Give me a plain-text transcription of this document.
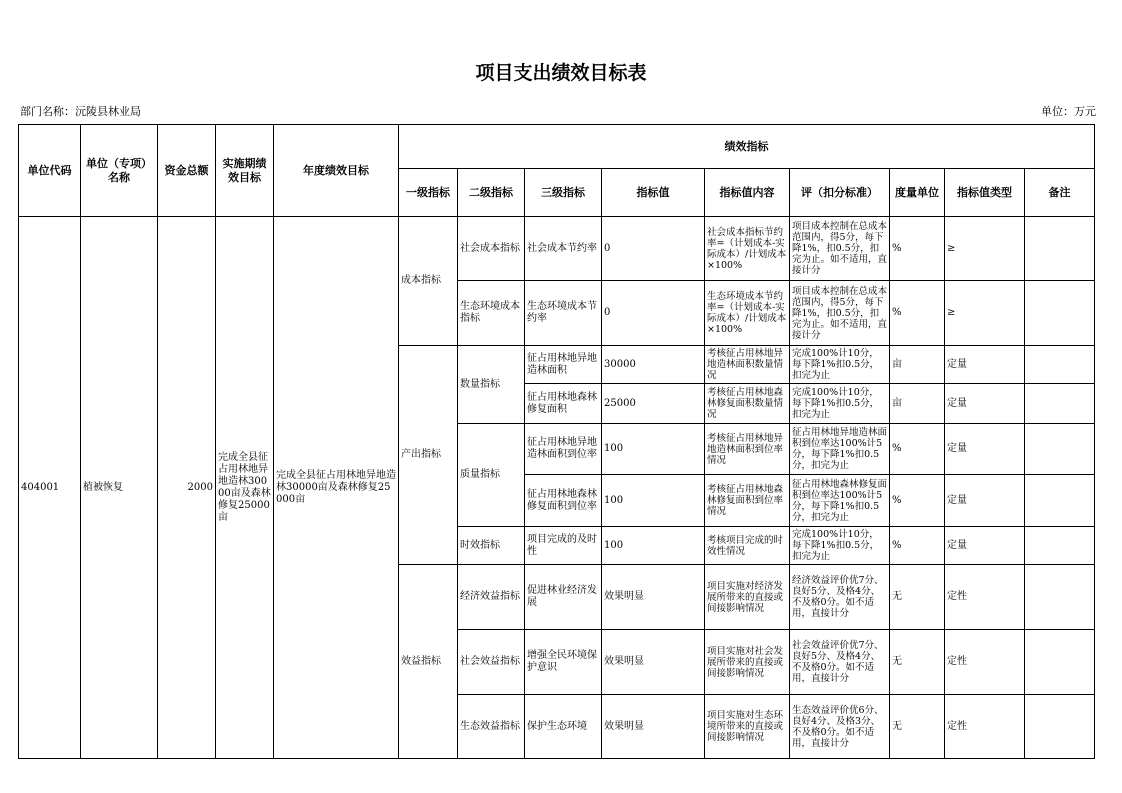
项目支出绩效目标表
部门名称：沅陵县林业局	单位：万元
单位代码	单位（专项）名称	资金总额	实施期绩效目标	年度绩效目标	绩效指标								
					一级指标	二级指标	三级指标	指标值	指标值内容	评（扣分标准）	度量单位	指标值类型	备注
404001	植被恢复	2000	完成全县征占用林地异地造林30000亩及森林修复25000亩	完成全县征占用林地异地造林30000亩及森林修复25000亩	成本指标	社会成本指标	社会成本节约率	0	社会成本指标节约率=（计划成本-实际成本）/计划成本×100%	项目成本控制在总成本范围内，得5分，每下降1%，扣0.5分，扣完为止。如不适用，直接计分	%	≥	
						生态环境成本指标	生态环境成本节约率	0	生态环境成本节约率=（计划成本-实际成本）/计划成本×100%	项目成本控制在总成本范围内，得5分，每下降1%，扣0.5分，扣完为止。如不适用，直接计分	%	≥	
					产出指标	数量指标	征占用林地异地造林面积	30000	考核征占用林地异地造林面积数量情况	完成100%计10分，每下降1%扣0.5分，扣完为止	亩	定量	
							征占用林地森林修复面积	25000	考核征占用林地森林修复面积数量情况	完成100%计10分，每下降1%扣0.5分，扣完为止	亩	定量	
						质量指标	征占用林地异地造林面积到位率	100	考核征占用林地异地造林面积到位率情况	征占用林地异地造林面积到位率达100%计5分，每下降1%扣0.5分，扣完为止	%	定量	
							征占用林地森林修复面积到位率	100	考核征占用林地森林修复面积到位率情况	征占用林地森林修复面积到位率达100%计5分，每下降1%扣0.5分，扣完为止	%	定量	
						时效指标	项目完成的及时性	100	考核项目完成的时效性情况	完成100%计10分，每下降1%扣0.5分，扣完为止	%	定量	
					效益指标	经济效益指标	促进林业经济发展	效果明显	项目实施对经济发展所带来的直接或间接影响情况	经济效益评价优7分、良好5分、及格4分、不及格0分。如不适用，直接计分	无	定性	
						社会效益指标	增强全民环境保护意识	效果明显	项目实施对社会发展所带来的直接或间接影响情况	社会效益评价优7分、良好5分、及格4分、不及格0分。如不适用，直接计分	无	定性	
						生态效益指标	保护生态环境	效果明显	项目实施对生态环境所带来的直接或间接影响情况	生态效益评价优6分、良好4分、及格3分、不及格0分。如不适用，直接计分	无	定性	
